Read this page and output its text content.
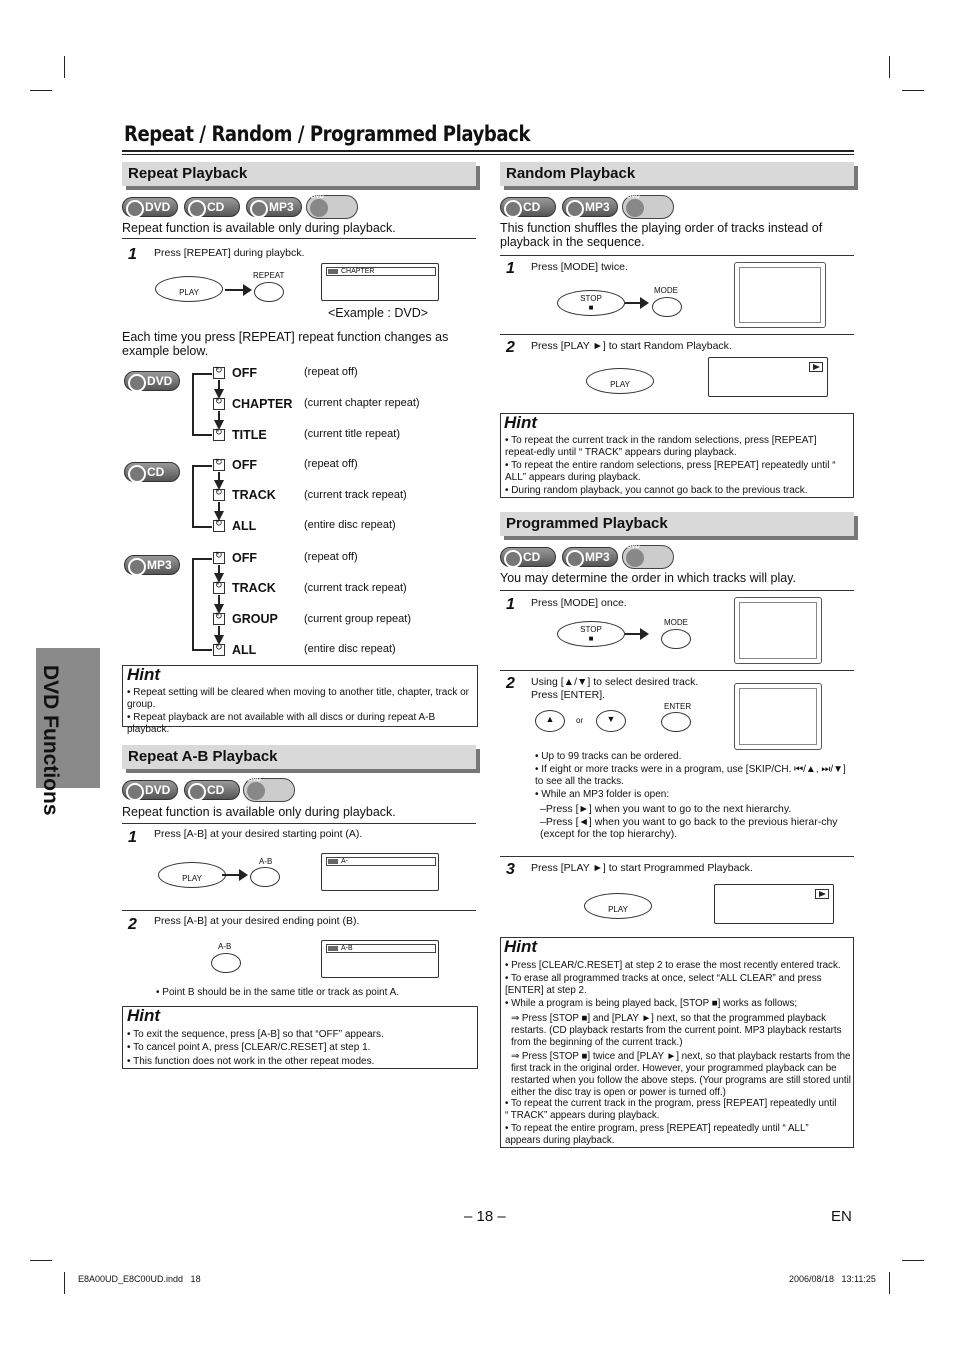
Repeat / Random / Programmed Playback
DVD Functions
Repeat Playback
DVD	CD	MP3
DVD
Repeat function is available only during playback.
1 Press [REPEAT] during playbck.
PLAY
REPEAT	CHAPTER
<Example : DVD>
Each time you press [REPEAT] repeat function changes as example below.
DVD
↻
OFF	(repeat off)
↻
CHAPTER (current chapter repeat)
↻
TITLE	(current title repeat)
CD ↻	OFF	(repeat off)
↻
TRACK	(current track repeat)
↻
ALL	(entire disc repeat)
MP3 ↻	OFF	(repeat off)
↻
TRACK	(current track repeat)
↻
GROUP (current group repeat)
↻
ALL	(entire disc repeat)
Hint
• Repeat setting will be cleared when moving to another title, chapter, track or group.
• Repeat playback are not available with all discs or during repeat A-B playback.
Repeat A-B Playback
DVD	CD
DVD
Repeat function is available only during playback.
1 Press [A-B] at your desired starting point (A).
PLAY
A-B	A-
2 Press [A-B] at your desired ending point (B).
A-B	A-B
• Point B should be in the same title or track as point A.
Hint
• To exit the sequence, press [A-B] so that “OFF” appears.
• To cancel point A, press [CLEAR/C.RESET] at step 1.
• This function does not work in the other repeat modes.
Random Playback
CD	MP3
DVD
This function shuffles the playing order of tracks instead of playback in the sequence.
1 Press [MODE] twice.
STOP
■
MODE
2 Press [PLAY ►] to start Random Playback.
PLAY
Hint
• To repeat the current track in the random selections, press [REPEAT] repeat-edly until “ TRACK” appears during playback.
• To repeat the entire random selections, press [REPEAT] repeatedly until “ ALL” appears during playback.
• During random playback, you cannot go back to the previous track.
Programmed Playback
CD	MP3
DVD
You may determine the order in which tracks will play.
1 Press [MODE] once.
STOP
■
MODE
2 Using [▲/▼] to select desired track.
Press [ENTER].
▲	or	▼
ENTER
• Up to 99 tracks can be ordered.
• If eight or more tracks were in a program, use [SKIP/CH. ⏮/▲, ⏭/▼] to see all the tracks.
• While an MP3 folder is open:
–Press [►] when you want to go to the next hierarchy.
–Press [◄] when you want to go back to the previous hierar-chy (except for the top hierarchy).
3 Press [PLAY ►] to start Programmed Playback.
PLAY
Hint
• Press [CLEAR/C.RESET] at step 2 to erase the most recently entered track.
• To erase all programmed tracks at once, select “ALL CLEAR” and press [ENTER] at step 2.
• While a program is being played back, [STOP ■] works as follows;
⇒ Press [STOP ■] and [PLAY ►] next, so that the programmed playback restarts. (CD playback restarts from the current point. MP3 playback restarts from the beginning of the current track.)
⇒ Press [STOP ■] twice and [PLAY ►] next, so that playback restarts from the first track in the original order. However, your programmed playback can be restarted when you follow the above steps. (Your programs are still stored until either the disc tray is open or power is turned off.)
• To repeat the current track in the program, press [REPEAT] repeatedly until “ TRACK” appears during playback.
• To repeat the entire program, press [REPEAT] repeatedly until “ ALL” appears during playback.
– 18 –	EN
E8A00UD_E8C00UD.indd   18	2006/08/18   13:11:25
